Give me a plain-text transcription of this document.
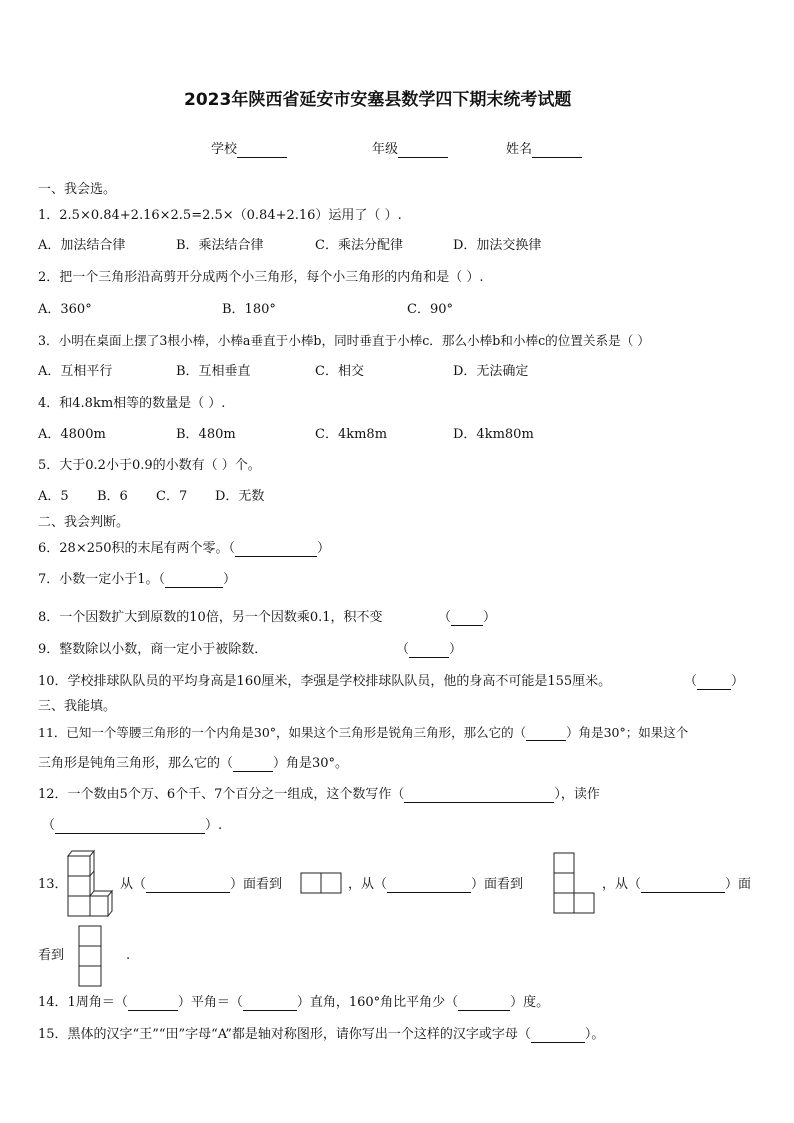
2023年陕西省延安市安塞县数学四下期末统考试题
学校	年级	姓名
一、我会选。
1．2.5×0.84+2.16×2.5=2.5×（0.84+2.16）运用了（ ）.
A．加法结合律	B．乘法结合律	C．乘法分配律	D．加法交换律
2．把一个三角形沿高剪开分成两个小三角形，每个小三角形的内角和是（ ）.
A．360°	B．180°	C．90°
3．小明在桌面上摆了3根小棒，小棒a垂直于小棒b，同时垂直于小棒c．那么小棒b和小棒c的位置关系是（ ）
A．互相平行	B．互相垂直	C．相交	D．无法确定
4．和4.8km相等的数量是（ ）.
A．4800m	B．480m	C．4km8m	D．4km80m
5．大于0.2小于0.9的小数有（ ）个。
A．5 B．6 C．7 D．无数
二、我会判断。
6．28×250积的末尾有两个零。（	）
7．小数一定小于1。（	）
8．一个因数扩大到原数的10倍，另一个因数乘0.1，积不变	（ ）
9．整数除以小数，商一定小于被除数．	（	）
10．学校排球队队员的平均身高是160厘米，李强是学校排球队队员，他的身高不可能是155厘米。	（	）
三、我能填。
11．已知一个等腰三角形的一个内角是30°，如果这个三角形是锐角三角形，那么它的（	）角是30°；如果这个
三角形是钝角三角形，那么它的（	）角是30°。
12．一个数由5个万、6个千、7个百分之一组成，这个数写作（	），读作
（	）.
13．	从（	）面看到	，从（	）面看到	，从（	）面
看到	.
14．1周角＝（	）平角＝（	）直角，160°角比平角少（	）度。
15．黑体的汉字“王”“田”字母“A”都是轴对称图形，请你写出一个这样的汉字或字母（	）。
